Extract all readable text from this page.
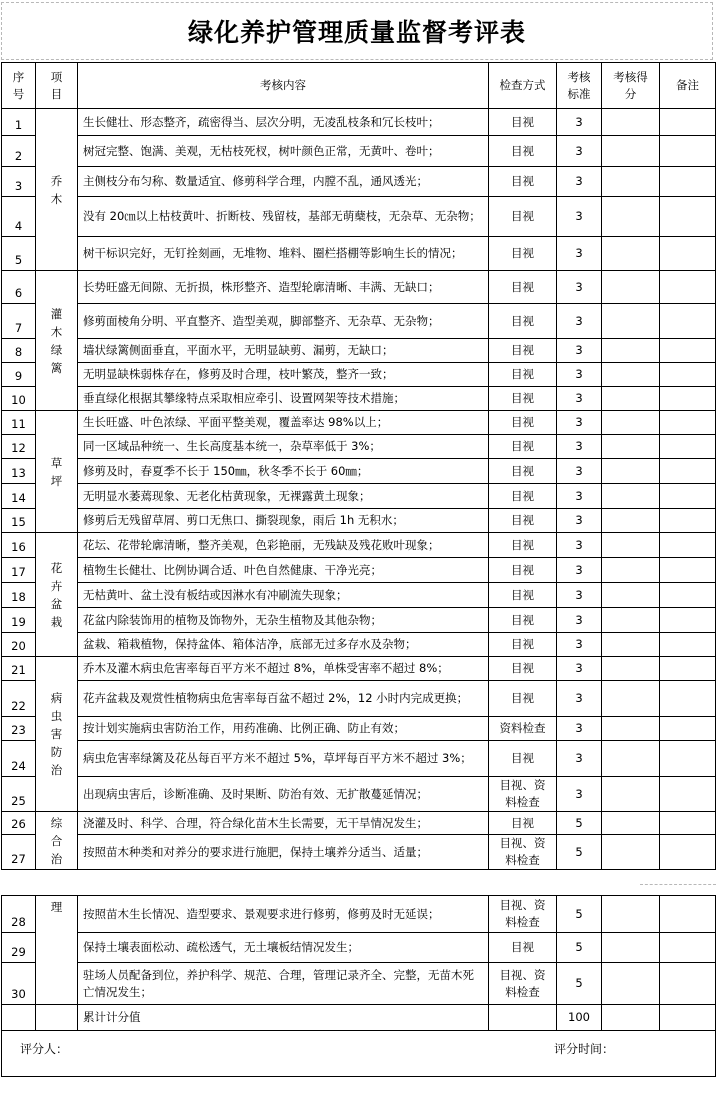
绿化养护管理质量监督考评表
序号	项目	考核内容	检查方式	考核标准	考核得分	备注
1	乔木	生长健壮、形态整齐，疏密得当、层次分明，无凌乱枝条和冗长枝叶；	目视	3		
2		树冠完整、饱满、美观，无枯枝死杈，树叶颜色正常，无黄叶、卷叶；	目视	3		
3		主侧枝分布匀称、数量适宜、修剪科学合理，内膛不乱，通风透光；	目视	3		
4		没有 20㎝以上枯枝黄叶、折断枝、残留枝，基部无萌蘖枝，无杂草、无杂物；	目视	3		
5		树干标识完好，无钉拴刻画，无堆物、堆料、圈栏搭棚等影响生长的情况；	目视	3		
6	灌木绿篱	长势旺盛无间隙、无折损，株形整齐、造型轮廓清晰、丰满、无缺口；	目视	3		
7		修剪面棱角分明、平直整齐、造型美观，脚部整齐、无杂草、无杂物；	目视	3		
8		墙状绿篱侧面垂直，平面水平，无明显缺剪、漏剪，无缺口；	目视	3		
9		无明显缺株弱株存在，修剪及时合理，枝叶繁茂，整齐一致；	目视	3		
10		垂直绿化根据其攀缘特点采取相应牵引、设置网架等技术措施；	目视	3		
11	草坪	生长旺盛、叶色浓绿、平面平整美观，覆盖率达 98%以上；	目视	3		
12		同一区域品种统一、生长高度基本统一，杂草率低于 3%；	目视	3		
13		修剪及时，春夏季不长于 150㎜，秋冬季不长于 60㎜；	目视	3		
14		无明显水萎蔫现象、无老化枯黄现象，无裸露黄土现象；	目视	3		
15		修剪后无残留草屑、剪口无焦口、撕裂现象，雨后 1h 无积水；	目视	3		
16	花卉盆栽	花坛、花带轮廓清晰，整齐美观，色彩艳丽，无残缺及残花败叶现象；	目视	3		
17		植物生长健壮、比例协调合适、叶色自然健康、干净光亮；	目视	3		
18		无枯黄叶、盆土没有板结或因淋水有冲刷流失现象；	目视	3		
19		花盆内除装饰用的植物及饰物外，无杂生植物及其他杂物；	目视	3		
20		盆栽、箱栽植物，保持盆体、箱体洁净，底部无过多存水及杂物；	目视	3		
21	病虫害防治	乔木及灌木病虫危害率每百平方米不超过 8%，单株受害率不超过 8%；	目视	3		
22		花卉盆栽及观赏性植物病虫危害率每百盆不超过 2%，12 小时内完成更换；	目视	3		
23		按计划实施病虫害防治工作，用药准确、比例正确、防止有效；	资料检查	3		
24		病虫危害率绿篱及花丛每百平方米不超过 5%，草坪每百平方米不超过 3%；	目视	3		
25		出现病虫害后，诊断准确、及时果断、防治有效、无扩散蔓延情况；	目视、资料检查	3		
26	综合治	浇灌及时、科学、合理，符合绿化苗木生长需要，无干旱情况发生；	目视	5		
27		按照苗木种类和对养分的要求进行施肥，保持土壤养分适当、适量；	目视、资料检查	5		
28	理	按照苗木生长情况、造型要求、景观要求进行修剪，修剪及时无延误；	目视、资料检查	5		
29		保持土壤表面松动、疏松透气，无土壤板结情况发生；	目视	5		
30		驻场人员配备到位，养护科学、规范、合理，管理记录齐全、完整，无苗木死亡情况发生；	目视、资料检查	5		
		累计计分值		100		

评分人：	评分时间：
